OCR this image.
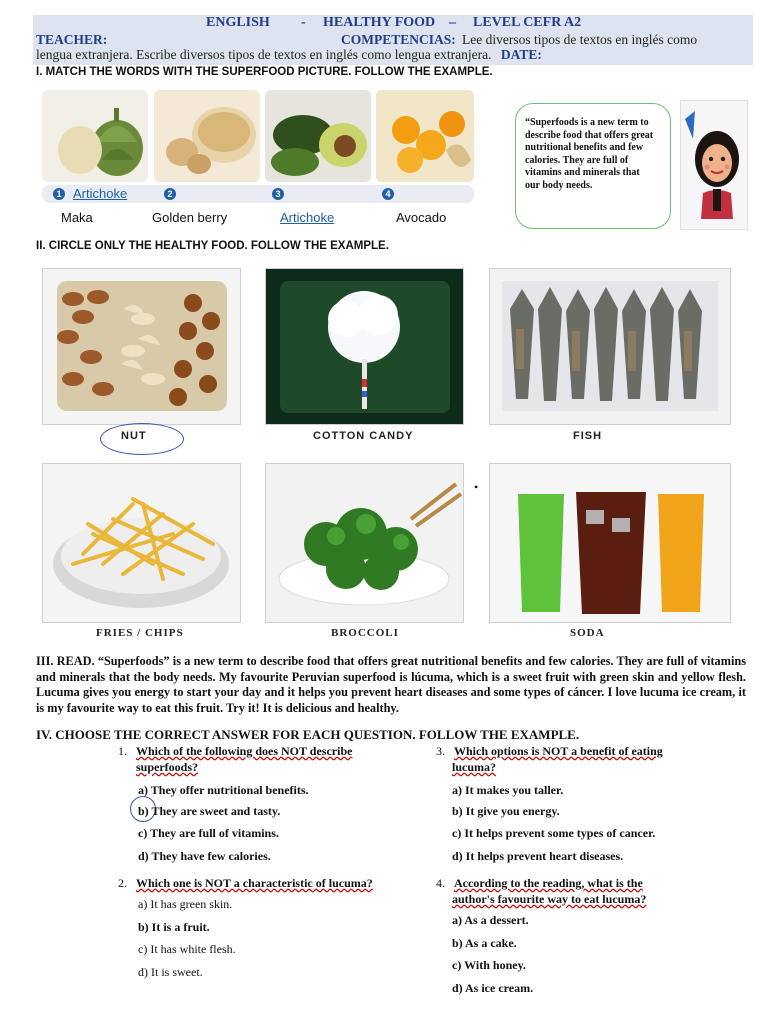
ENGLISH - HEALTHY FOOD – LEVEL CEFR A2
TEACHER:	COMPETENCIAS: Lee diversos tipos de textos en inglés como
lengua extranjera. Escribe diversos tipos de textos en inglés como lengua extranjera. DATE:
I. MATCH THE WORDS WITH THE SUPERFOOD PICTURE. FOLLOW THE EXAMPLE.
1 Artichoke	2	3	4
Maka	Golden berry	Artichoke	Avocado
“Superfoods is a new term to describe food that offers great nutritional benefits and few calories. They are full of vitamins and minerals that our body needs.
II. CIRCLE ONLY THE HEALTHY FOOD. FOLLOW THE EXAMPLE.
NUT	COTTON CANDY	FISH
FRIES / CHIPS	BROCCOLI	SODA
•
III. READ. “Superfoods” is a new term to describe food that offers great nutritional benefits and few calories. They are full of vitamins and minerals that the body needs. My favourite Peruvian superfood is lúcuma, which is a sweet fruit with green skin and yellow flesh. Lucuma gives you energy to start your day and it helps you prevent heart diseases and some types of cáncer. I love lucuma ice cream, it is my favourite way to eat this fruit. Try it! It is delicious and healthy.
IV. CHOOSE THE CORRECT ANSWER FOR EACH QUESTION. FOLLOW THE EXAMPLE.
1. Which of the following does NOT describe
superfoods?
a) They offer nutritional benefits.
b) They are sweet and tasty.
c) They are full of vitamins.
d) They have few calories.
2. Which one is NOT a characteristic of lucuma?
a) It has green skin.
b) It is a fruit.
c) It has white flesh.
d) It is sweet.
3. Which options is NOT a benefit of eating
lucuma?
a) It makes you taller.
b) It give you energy.
c) It helps prevent some types of cancer.
d) It helps prevent heart diseases.
4. According to the reading, what is the
author's favourite way to eat lucuma?
a) As a dessert.
b) As a cake.
c) With honey.
d) As ice cream.
